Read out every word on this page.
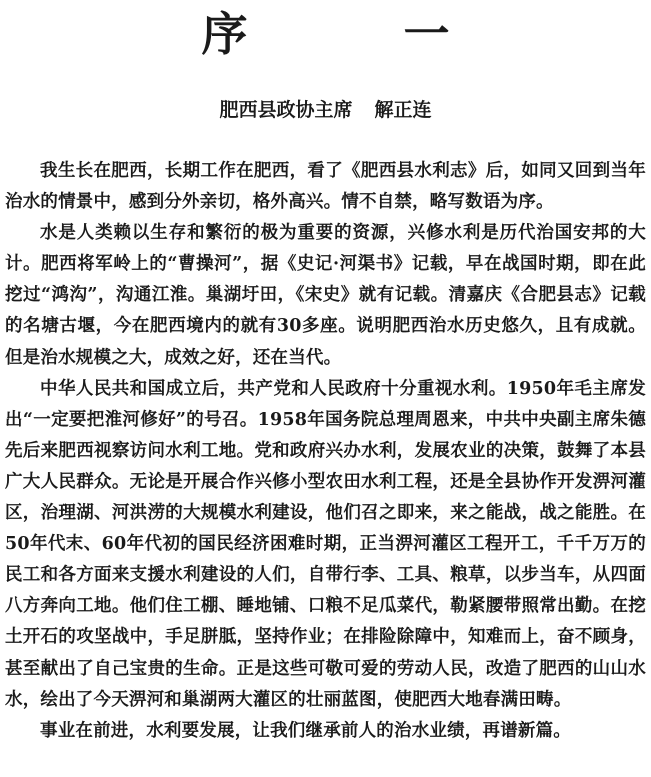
序 一
肥西县政协主席 解正连

我生长在肥西，长期工作在肥西，看了《肥西县水利志》后，如同又回到当年治水的情景中，感到分外亲切，格外高兴。情不自禁，略写数语为序。

水是人类赖以生存和繁衍的极为重要的资源，兴修水利是历代治国安邦的大计。肥西将军岭上的“曹操河”，据《史记·河渠书》记载，早在战国时期，即在此挖过“鸿沟”，沟通江淮。巢湖圩田，《宋史》就有记载。清嘉庆《合肥县志》记载的名塘古堰，今在肥西境内的就有30多座。说明肥西治水历史悠久，且有成就。但是治水规模之大，成效之好，还在当代。

中华人民共和国成立后，共产党和人民政府十分重视水利。1950年毛主席发出“一定要把淮河修好”的号召。1958年国务院总理周恩来，中共中央副主席朱德先后来肥西视察访问水利工地。党和政府兴办水利，发展农业的决策，鼓舞了本县广大人民群众。无论是开展合作兴修小型农田水利工程，还是全县协作开发淠河灌区，治理湖、河洪涝的大规模水利建设，他们召之即来，来之能战，战之能胜。在50年代末、60年代初的国民经济困难时期，正当淠河灌区工程开工，千千万万的民工和各方面来支援水利建设的人们，自带行李、工具、粮草，以步当车，从四面八方奔向工地。他们住工棚、睡地铺、口粮不足瓜菜代，勒紧腰带照常出勤。在挖土开石的攻坚战中，手足胼胝，坚持作业；在排险除障中，知难而上，奋不顾身，甚至献出了自己宝贵的生命。正是这些可敬可爱的劳动人民，改造了肥西的山山水水，绘出了今天淠河和巢湖两大灌区的壮丽蓝图，使肥西大地春满田畴。

事业在前进，水利要发展，让我们继承前人的治水业绩，再谱新篇。
